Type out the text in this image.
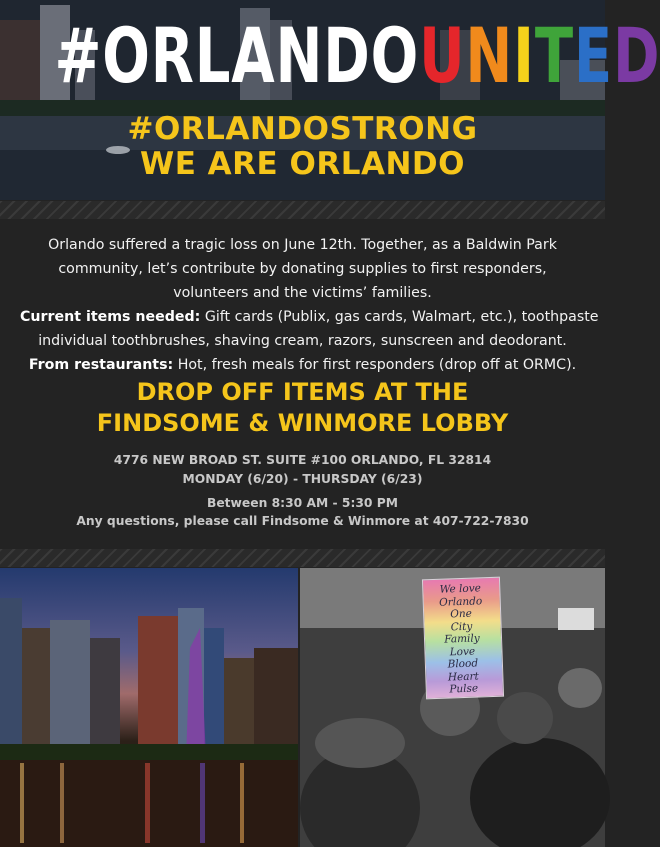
#ORLANDOUNITED
#ORLANDOSTRONG
WE ARE ORLANDO
Orlando suffered a tragic loss on June 12th. Together, as a Baldwin Park
community, let’s contribute by donating supplies to first responders,
volunteers and the victims’ families.
Current items needed: Gift cards (Publix, gas cards, Walmart, etc.), toothpaste
individual toothbrushes, shaving cream, razors, sunscreen and deodorant.
From restaurants: Hot, fresh meals for first responders (drop off at ORMC).
DROP OFF ITEMS AT THE
FINDSOME & WINMORE LOBBY
4776 NEW BROAD ST. SUITE #100 ORLANDO, FL 32814
MONDAY (6/20) - THURSDAY (6/23)
Between 8:30 AM - 5:30 PM
Any questions, please call Findsome & Winmore at 407-722-7830
We love Orlando
One
City
Family
Love
Blood
Heart
Pulse
